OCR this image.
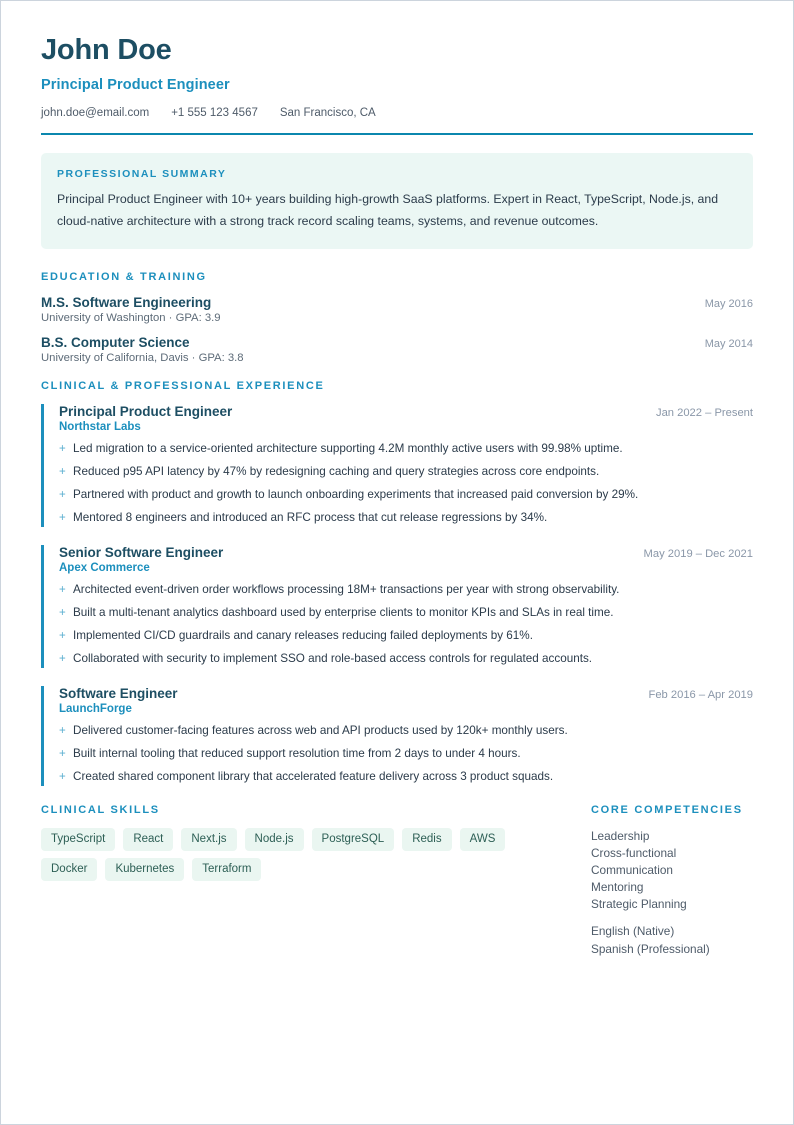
John Doe
Principal Product Engineer
john.doe@email.com +1 555 123 4567 San Francisco, CA
PROFESSIONAL SUMMARY
Principal Product Engineer with 10+ years building high-growth SaaS platforms. Expert in React, TypeScript, Node.js, and cloud-native architecture with a strong track record scaling teams, systems, and revenue outcomes.
EDUCATION & TRAINING
M.S. Software Engineering	May 2016
University of Washington · GPA: 3.9
B.S. Computer Science	May 2014
University of California, Davis · GPA: 3.8
CLINICAL & PROFESSIONAL EXPERIENCE
Principal Product Engineer	Jan 2022 – Present
Northstar Labs
+ Led migration to a service-oriented architecture supporting 4.2M monthly active users with 99.98% uptime.
+ Reduced p95 API latency by 47% by redesigning caching and query strategies across core endpoints.
+ Partnered with product and growth to launch onboarding experiments that increased paid conversion by 29%.
+ Mentored 8 engineers and introduced an RFC process that cut release regressions by 34%.
Senior Software Engineer	May 2019 – Dec 2021
Apex Commerce
+ Architected event-driven order workflows processing 18M+ transactions per year with strong observability.
+ Built a multi-tenant analytics dashboard used by enterprise clients to monitor KPIs and SLAs in real time.
+ Implemented CI/CD guardrails and canary releases reducing failed deployments by 61%.
+ Collaborated with security to implement SSO and role-based access controls for regulated accounts.
Software Engineer	Feb 2016 – Apr 2019
LaunchForge
+ Delivered customer-facing features across web and API products used by 120k+ monthly users.
+ Built internal tooling that reduced support resolution time from 2 days to under 4 hours.
+ Created shared component library that accelerated feature delivery across 3 product squads.
CLINICAL SKILLS
TypeScript	React	Next.js	Node.js	PostgreSQL	Redis	AWS
Docker	Kubernetes	Terraform
CORE COMPETENCIES
Leadership
Cross-functional Communication
Mentoring
Strategic Planning
English (Native)
Spanish (Professional)
